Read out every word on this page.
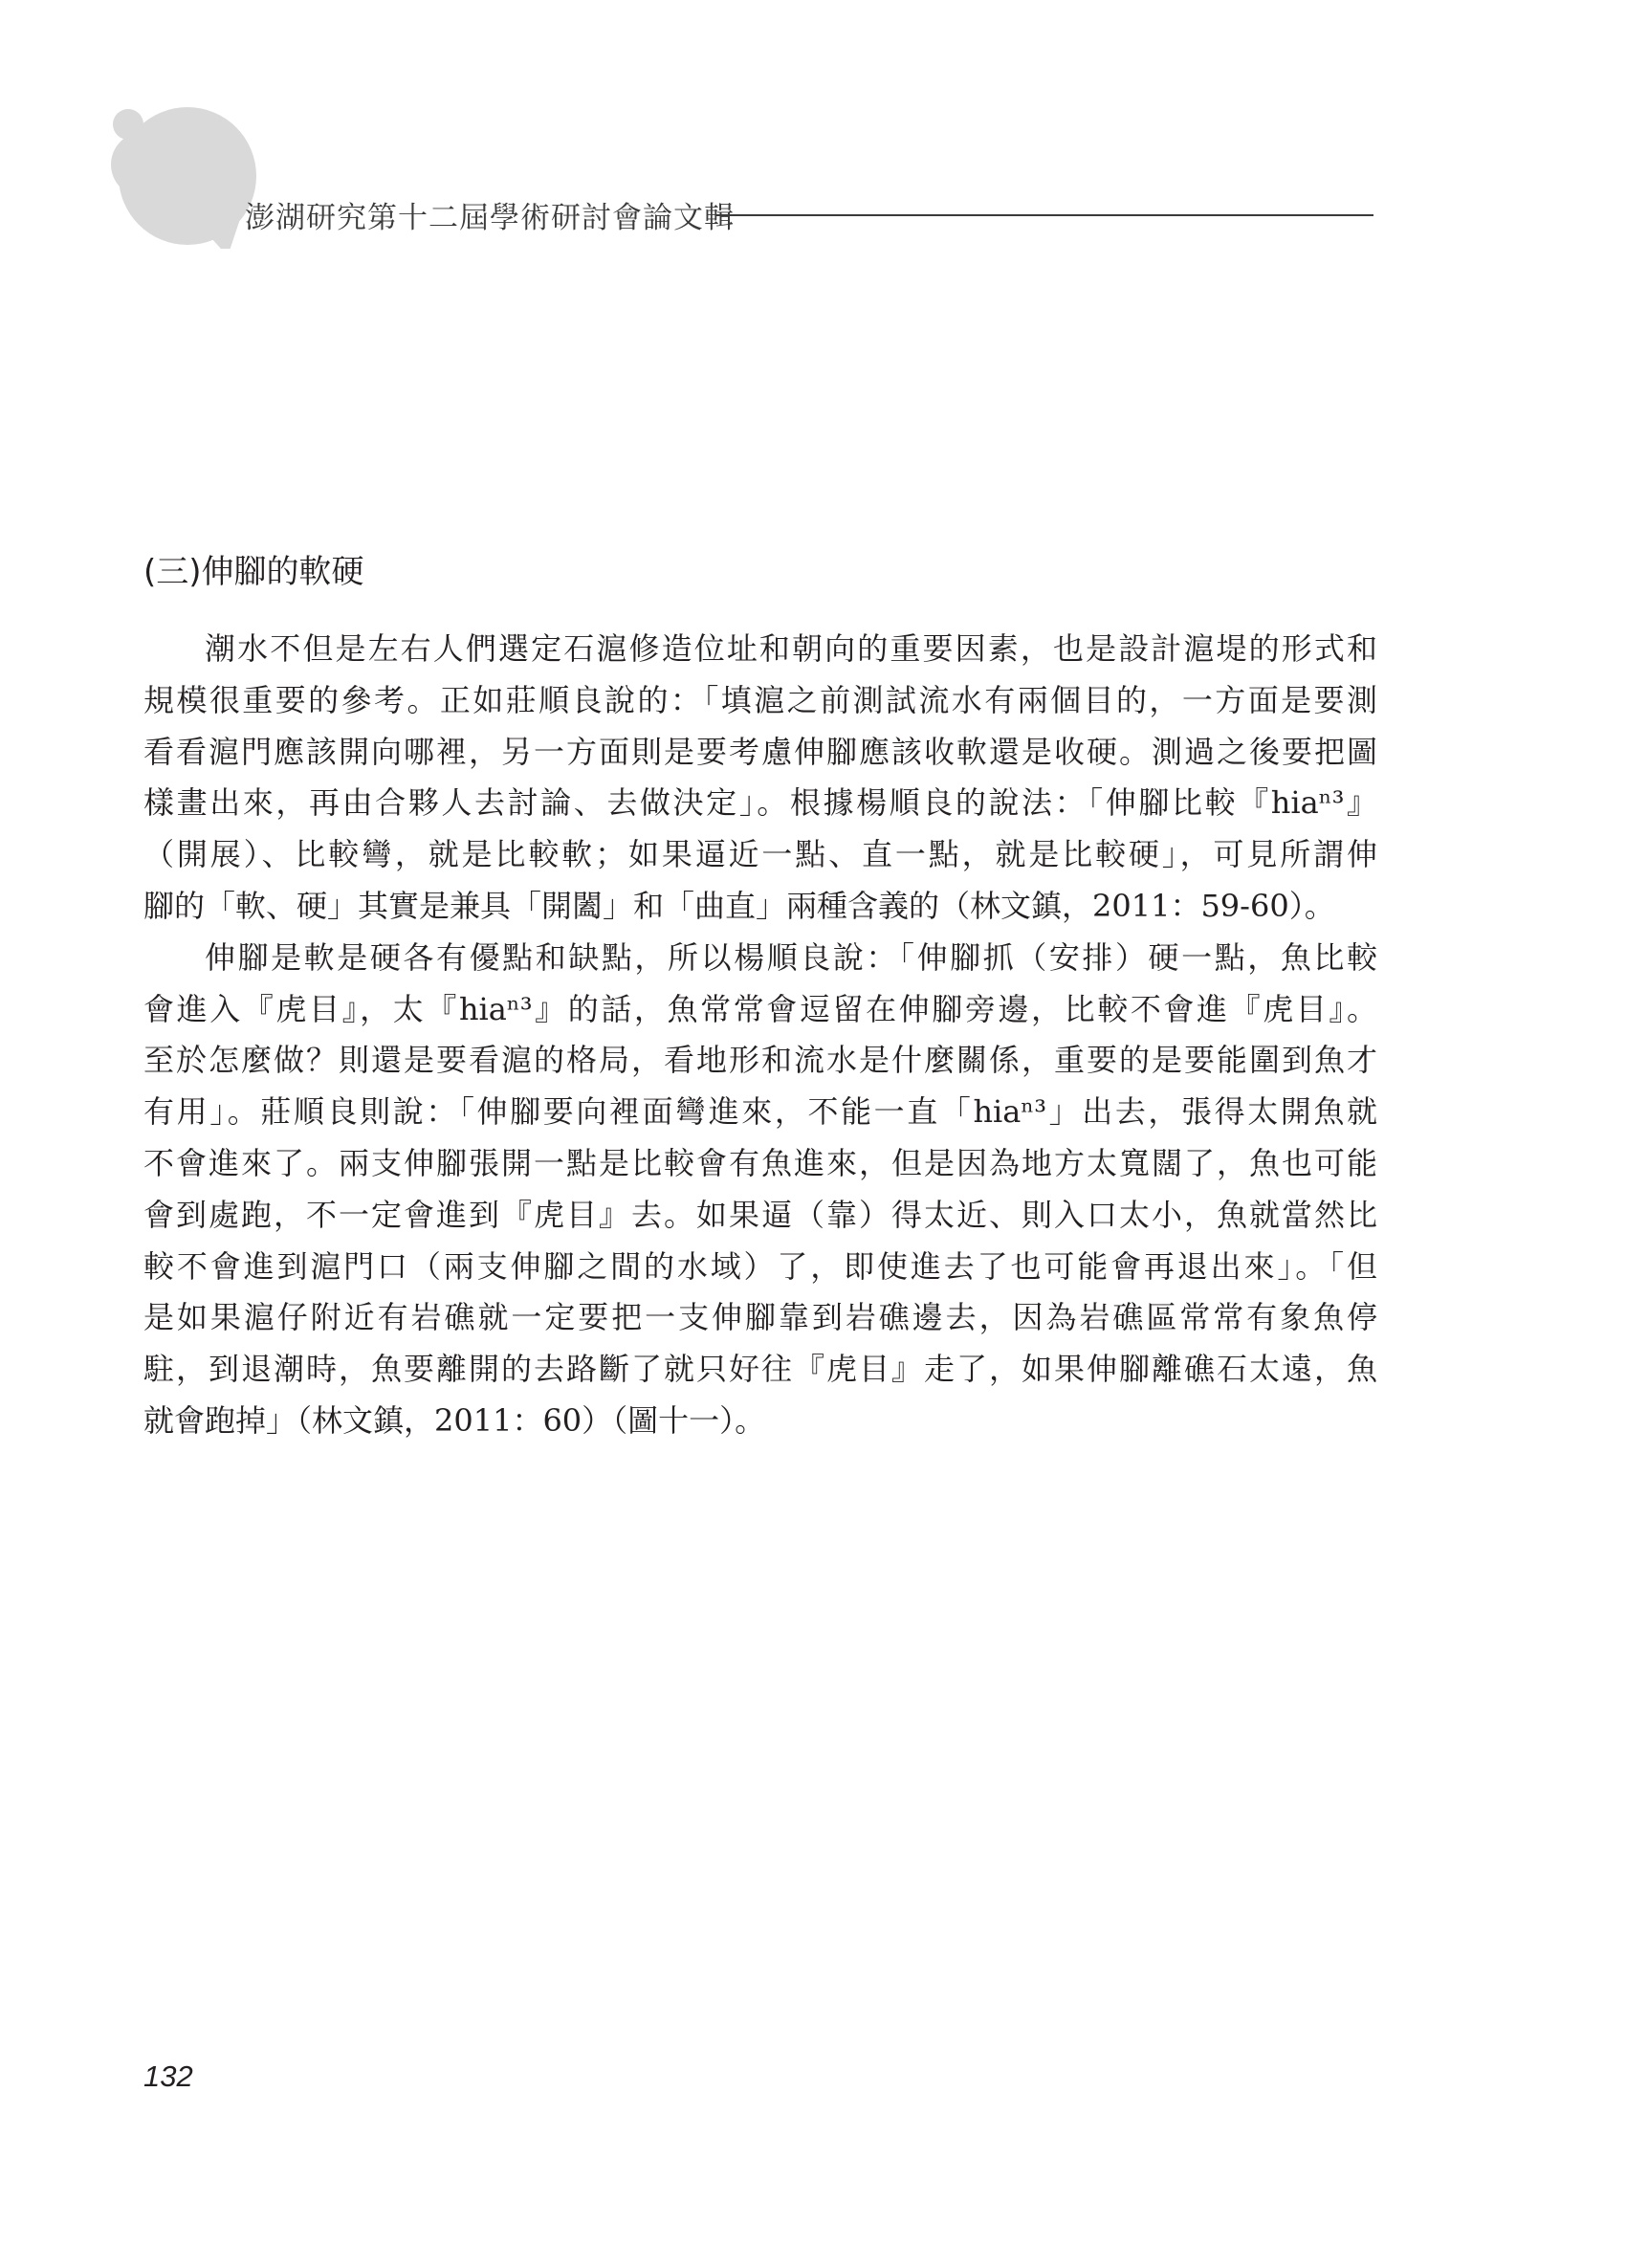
澎湖研究第十二屆學術研討會論文輯
(三)伸腳的軟硬
潮水不但是左右人們選定石滬修造位址和朝向的重要因素，也是設計滬堤的形式和
規模很重要的參考。正如莊順良說的：「填滬之前測試流水有兩個目的，一方面是要測
看看滬門應該開向哪裡，另一方面則是要考慮伸腳應該收軟還是收硬。測過之後要把圖
樣畫出來，再由合夥人去討論、去做決定」。根據楊順良的說法：「伸腳比較『hiaⁿ³』
（開展）、比較彎，就是比較軟；如果逼近一點、直一點，就是比較硬」，可見所謂伸
腳的「軟、硬」其實是兼具「開闔」和「曲直」兩種含義的（林文鎮，2011：59-60）。
伸腳是軟是硬各有優點和缺點，所以楊順良說：「伸腳抓（安排）硬一點，魚比較
會進入『虎目』，太『hiaⁿ³』的話，魚常常會逗留在伸腳旁邊，比較不會進『虎目』。
至於怎麼做？則還是要看滬的格局，看地形和流水是什麼關係，重要的是要能圍到魚才
有用」。莊順良則說：「伸腳要向裡面彎進來，不能一直「hiaⁿ³」出去，張得太開魚就
不會進來了。兩支伸腳張開一點是比較會有魚進來，但是因為地方太寬闊了，魚也可能
會到處跑，不一定會進到『虎目』去。如果逼（靠）得太近、則入口太小，魚就當然比
較不會進到滬門口（兩支伸腳之間的水域）了，即使進去了也可能會再退出來」。「但
是如果滬仔附近有岩礁就一定要把一支伸腳靠到岩礁邊去，因為岩礁區常常有象魚停
駐，到退潮時，魚要離開的去路斷了就只好往『虎目』走了，如果伸腳離礁石太遠，魚
就會跑掉」（林文鎮，2011：60）（圖十一）。
132
